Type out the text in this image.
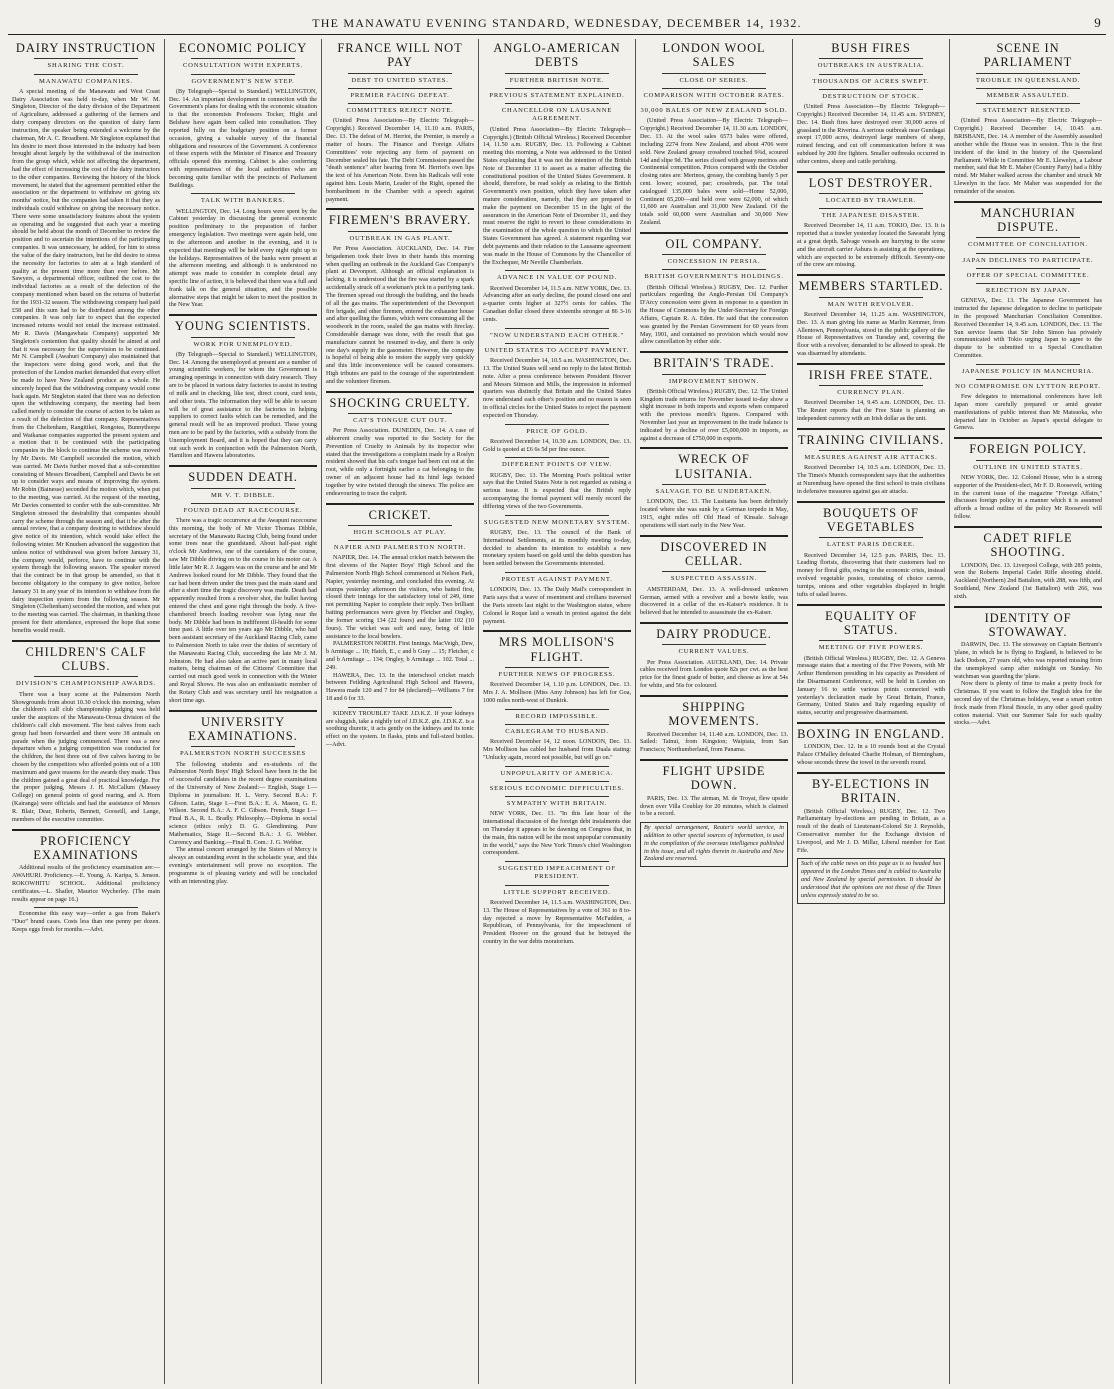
THE MANAWATU EVENING STANDARD, WEDNESDAY, DECEMBER 14, 1932.	9
DAIRY INSTRUCTION
SHARING THE COST.
MANAWATU COMPANIES.

A special meeting of the Manawatu and West Coast Dairy Association was held to-day, when Mr W. M. Singleton, Director of the dairy division of the Department of Agriculture, addressed a gathering of the farmers and dairy company directors on the question of dairy farm instruction, the speaker being extended a welcome by the chairman, Mr A. C. Broadbent. Mr Singleton explained that his desire to meet those interested in the industry had been brought about largely by the withdrawal of the instruction from the group which, while not affecting the department, had the effect of increasing the cost of the dairy instructors to the other companies. Reviewing the history of the block movement, he stated that the agreement permitted either the association or the department to withdraw on giving six months' notice, but the companies had taken it that they as individuals could withdraw on giving the necessary notice. There were some unsatisfactory features about the system as operating and he suggested that each year a meeting should be held about the month of December to review the position and to ascertain the intentions of the participating companies. It was unnecessary, he added, for him to stress the value of the dairy instructors, but he did desire to stress the necessity for factories to aim at a high standard of quality at the present time more than ever before. Mr Sawyers, a departmental officer, outlined the cost to the individual factories as a result of the defection of the company mentioned when based on the returns of butterfat for the 1931-32 season. The withdrawing company had paid £58 and this sum had to be distributed among the other companies. It was only fair to expect that the expected increased returns would not entail the increase estimated. Mr R. Davis (Mangawhata Company) supported Mr Singleton's contention that quality should be aimed at and that it was necessary for the supervision to be continued. Mr N. Campbell (Awahuri Company) also maintained that the inspectors were doing good work, and that the protection of the London market demanded that every effort be made to have New Zealand produce as a whole. He sincerely hoped that the withdrawing company would come back again. Mr Singleton stated that there was no defection upon the withdrawing company, the meeting had been called merely to consider the course of action to be taken as a result of the defection of that company. Representatives from the Cheltenham, Rangitikei, Rongotea, Bunnythorpe and Waikanae companies supported the present system and a motion that it be continued with the participating companies in the block to continue the scheme was moved by Mr Davis. Mr Campbell seconded the motion, which was carried. Mr Davis further moved that a sub-committee consisting of Messrs Broadbent, Campbell and Davis be set up to consider ways and means of improving the system. Mr Robin (Bainesse) seconded the motion which, when put to the meeting, was carried. At the request of the meeting, Mr Davies consented to confer with the sub-committee. Mr Singleton stressed the desirability that companies should carry the scheme through the season and, that it be after the annual review, that a company desiring to withdraw should give notice of its intention, which would take effect the following winter. Mr Knudsen advanced the suggestion that unless notice of withdrawal was given before January 31, the company would, perforce, have to continue with the system through the following season. The speaker moved that the contract be in that group be amended, so that it become obligatory to the company to give notice, before January 31 in any year of its intention to withdraw from the dairy inspection system from the following season. Mr Singleton (Cheltenham) seconded the motion, and when put to the meeting was carried. The chairman, in thanking those present for their attendance, expressed the hope that some benefits would result.

CHILDREN'S CALF CLUBS.
DIVISION'S CHAMPIONSHIP AWARDS.

There was a busy scene at the Palmerston North Showgrounds from about 10.30 o'clock this morning, when the children's calf club championship judging was held under the auspices of the Manawatu-Oroua division of the children's calf club movement. The best calves from each group had been forwarded and there were 38 animals on parade when the judging commenced. There was a new departure when a judging competition was conducted for the children, the best three out of five calves having to be chosen by the competitors who afforded points out of a 100 maximum and gave reasons for the awards they made. Thus the children gained a great deal of practical knowledge. For the proper judging, Messrs J. H. McCallum (Massey College) on general points of good rearing, and A. Horn (Kairanga) were officials and had the assistance of Messrs R. Blair, Dear, Roberts, Bennett, Gooseill, and Lange, members of the executive committee.

PROFICIENCY EXAMINATIONS

Additional results of the proficiency examination are:— AWAHURI. Proficiency.—E. Young, A. Karipa, S. Jenson. ROKOWHITU SCHOOL. Additional proficiency certificates.—L. Shailer, Maurice Wycherley. (The main results appear on page 16.)

Economise this easy way—order a gas from Baker's “Duo” brand cases. Costs less than one penny per dozen. Keeps eggs fresh for months.—Advt.

ECONOMIC POLICY
CONSULTATION WITH EXPERTS.
GOVERNMENT'S NEW STEP.

(By Telegraph—Special to Standard.) WELLINGTON, Dec. 14. An important development in connection with the Government's plans for dealing with the economic situation is that the economists Professors Tocker, Hight and Belshaw have again been called into consultation. They reported fully on the budgetary position on a former occasion, giving a valuable survey of the financial obligations and resources of the Government. A conference of these experts with the Minister of Finance and Treasury officials opened this morning. Cabinet is also conferring with representatives of the local authorities who are becoming quite familiar with the precincts of Parliament Buildings.

TALK WITH BANKERS.

WELLINGTON, Dec. 14. Long hours were spent by the Cabinet yesterday in discussing the general economic position preliminary to the preparation of further emergency legislation. Two meetings were again held, one in the afternoon and another in the evening, and it is expected that meetings will be held every night right up to the holidays. Representatives of the banks were present at the afternoon meeting, and although it is understood no attempt was made to consider in complete detail any specific line of action, it is believed that there was a full and frank talk on the general situation, and the possible alternative steps that might be taken to meet the position in the New Year.

YOUNG SCIENTISTS.
WORK FOR UNEMPLOYED.

(By Telegraph—Special to Standard.) WELLINGTON, Dec. 14. Among the unemployed at present are a number of young scientific workers, for whom the Government is arranging openings in connection with dairy research. They are to be placed in various dairy factories to assist in testing of milk and in checking, like test, direct count, curd tests, and other tests. The information they will be able to secure will be of great assistance to the factories in helping suppliers to correct faults which can be remedied, and the general result will be an improved product. These young men are to be paid by the factories, with a subsidy from the Unemployment Board, and it is hoped that they can carry out such work in conjunction with the Palmerston North, Hamilton and Hawera laboratories.

SUDDEN DEATH.
MR V. T. DIBBLE.
FOUND DEAD AT RACECOURSE.

There was a tragic occurrence at the Awapuni racecourse this morning, the body of Mr Victor Thomas Dibble, secretary of the Manawatu Racing Club, being found under some trees near the grandstand. About half-past eight o'clock Mr Andrews, one of the caretakers of the course, saw Mr Dibble driving on to the course in his motor car. A little later Mr R. J. Jaggers was on the course and he and Mr Andrews looked round for Mr Dibble. They found that the car had been driven under the trees past the main stand and after a short time the tragic discovery was made. Death had apparently resulted from a revolver shot, the bullet having entered the chest and gone right through the body. A five-chambered breech loading revolver was lying near the body. Mr Dibble had been in indifferent ill-health for some time past. A little over ten years ago Mr Dibble, who had been assistant secretary of the Auckland Racing Club, came to Palmerston North to take over the duties of secretary of the Manawatu Racing Club, succeeding the late Mr J. M. Johnston. He had also taken an active part in many local matters, being chairman of the Citizens' Committee that carried out much good work in connection with the Winter and Royal Shows. He was also an enthusiastic member of the Rotary Club and was secretary until his resignation a short time ago.

UNIVERSITY EXAMINATIONS.
PALMERSTON NORTH SUCCESSES

The following students and ex-students of the Palmerston North Boys' High School have been in the list of successful candidates in the recent degree examinations of the University of New Zealand:— English, Stage I.—Diploma in journalism: H. L. Verry. Second B.A.: F. Gibson. Latin, Stage I.—First B.A.: E. A. Mason, G. E. Wilson. Second B.A.: A. F. C. Gibson. French, Stage I.—Final B.A., R. L. Bradly. Philosophy.—Diploma in social science (ethics only): D. G. Glendinning. Pure Mathematics, Stage II.—Second B.A.: J. G. Webber. Currency and Banking.—Final B. Com.: J. G. Webber.

The annual concert arranged by the Sisters of Mercy is always an outstanding event in the scholastic year, and this evening's entertainment will prove no exception. The programme is of pleasing variety and will be concluded with an interesting play.

FRANCE WILL NOT PAY
DEBT TO UNITED STATES.
PREMIER FACING DEFEAT.
COMMITTEES REJECT NOTE.

(United Press Association—By Electric Telegraph—Copyright.) Received December 14, 11.10 a.m. PARIS, Dec. 13. The defeat of M. Herriot, the Premier, is merely a matter of hours. The Finance and Foreign Affairs Committees' vote rejecting any form of payment on December sealed his fate. The Debt Commission passed the "death sentence" after hearing from M. Herriot's own lips the text of his American Note. Even his Radicals will vote against him. Louis Marin, Leader of the Right, opened the bombardment in the Chamber with a speech against payment.

FIREMEN'S BRAVERY.
OUTBREAK IN GAS PLANT.

Per Press Association. AUCKLAND, Dec. 14. Fire brigademen took their lives in their hands this morning when quelling an outbreak in the Auckland Gas Company's plant at Devonport. Although an official explanation is lacking, it is understood that the fire was started by a spark accidentally struck off a workman's pick in a purifying tank. The firemen spread out through the building, and the heads of all the gas mains. The superintendent of the Devonport fire brigade, and other firemen, entered the exhauster house and after quelling the flames, which were consuming all the woodwork in the room, sealed the gas mains with fireclay. Considerable damage was done, with the result that gas manufacture cannot be resumed to-day, and there is only one day's supply in the gasometer. However, the company is hopeful of being able to restore the supply very quickly and this little inconvenience will be caused consumers. High tributes are paid to the courage of the superintendent and the volunteer firemen.

SHOCKING CRUELTY.
CAT'S TONGUE CUT OUT.

Per Press Association. DUNEDIN, Dec. 14. A case of abhorrent cruelty was reported to the Society for the Prevention of Cruelty to Animals by its inspector who stated that the investigations a complaint made by a Roslyn resident showed that his cat's tongue had been cut out at the root, while only a fortnight earlier a cat belonging to the owner of an adjacent house had its hind legs twisted together by wire twisted through the sinews. The police are endeavouring to trace the culprit.

CRICKET.
HIGH SCHOOLS AT PLAY.
NAPIER AND PALMERSTON NORTH.

NAPIER, Dec. 14. The annual cricket match between the first elevens of the Napier Boys' High School and the Palmerston North High School commenced at Nelson Park, Napier, yesterday morning, and concluded this evening. At stumps yesterday afternoon the visitors, who batted first, closed their innings for the satisfactory total of 249, time not permitting Napier to complete their reply. Two brilliant batting performances were given by Fletcher and Ongley, the former scoring 134 (22 fours) and the latter 102 (10 fours). The wicket was soft and easy, being of little assistance to the local bowlers.

PALMERSTON NORTH. First Innings. MacVeigh, Dew, b Armitage ... 10; Hatch, E., c and b Gray ... 15; Fletcher, c and b Armitage ... 134; Ongley, b Armitage ... 102. Total ... 249.

HAWERA, Dec. 13. In the interschool cricket match between Feilding Agricultural High School and Hawera, Hawera made 120 and 7 for 84 (declared)—Williams 7 for 18 and 6 for 33.

KIDNEY TROUBLE? TAKE J.D.K.Z. If your kidneys are sluggish, take a nightly tot of J.D.K.Z. gin. J.D.K.Z. is a soothing diuretic, it acts gently on the kidneys and its tonic effect on the system. In flasks, pints and full-sized bottles.—Advt.

ANGLO-AMERICAN DEBTS
FURTHER BRITISH NOTE.
PREVIOUS STATEMENT EXPLAINED.
CHANCELLOR ON LAUSANNE AGREEMENT.

(United Press Association—By Electric Telegraph—Copyright.) (British Official Wireless.) Received December 14, 11.50 a.m. RUGBY, Dec. 13. Following a Cabinet meeting this morning, a Note was addressed to the United States explaining that it was not the intention of the British Note of December 11 to assert as a matter affecting the constitutional position of the United States Government. It should, therefore, be read solely as relating to the British Government's own position, which they have taken after mature consideration, namely, that they are prepared to make the payment on December 15 in the light of the assurances in the American Note of December 11, and they must reserve the right to revert to those considerations in the examination of the whole question to which the United States Government has agreed. A statement regarding war debt payments and their relation to the Lausanne agreement was made in the House of Commons by the Chancellor of the Exchequer, Mr Neville Chamberlain.

ADVANCE IN VALUE OF POUND.

Received December 14, 11.5 a.m. NEW YORK, Dec. 13. Advancing after an early decline, the pound closed one and a-quarter cents higher at 327½ cents for cables. The Canadian dollar closed three sixteenths stronger at 86 3-16 cents.

"NOW UNDERSTAND EACH OTHER."
UNITED STATES TO ACCEPT PAYMENT.

Received December 14, 10.5 a.m. WASHINGTON, Dec. 13. The United States will send no reply to the latest British note. After a press conference between President Hoover and Messrs Stimson and Mills, the impression in informed quarters was distinctly that Britain and the United States now understand each other's position and no reason is seen in official circles for the United States to reject the payment expected on Thursday.

PRICE OF GOLD.

Received December 14, 10.30 a.m. LONDON, Dec. 13. Gold is quoted at £6 6s 5d per fine ounce.

DIFFERENT POINTS OF VIEW.

RUGBY, Dec. 13. The Morning Post's political writer says that the United States Note is not regarded as raising a serious issue. It is expected that the British reply accompanying the formal payment will merely record the differing views of the two Governments.

SUGGESTED NEW MONETARY SYSTEM.

RUGBY, Dec. 13. The council of the Bank of International Settlements, at its monthly meeting to-day, decided to abandon its intention to establish a new monetary system based on gold until the debts question has been settled between the Governments interested.

PROTEST AGAINST PAYMENT.

LONDON, Dec. 13. The Daily Mail's correspondent in Paris says that a wave of resentment and civilians traversed the Paris streets last night to the Washington statue, where Colonel le Roque laid a wreath in protest against the debt payment.

MRS MOLLISON'S FLIGHT.
FURTHER NEWS OF PROGRESS.

Received December 14, 1.10 p.m. LONDON, Dec. 13. Mrs J. A. Mollison (Miss Amy Johnson) has left for Goa, 1000 miles north-west of Dunkirk.

RECORD IMPOSSIBLE.
CABLEGRAM TO HUSBAND.

Received December 14, 12 noon. LONDON, Dec. 13. Mrs Mollison has cabled her husband from Duala stating: "Unlucky again, record not possible, but will go on."

UNPOPULARITY OF AMERICA.
SERIOUS ECONOMIC DIFFICULTIES.
SYMPATHY WITH BRITAIN.

NEW YORK, Dec. 13. "In this late hour of the international discussion of the foreign debt instalments due on Thursday it appears to be dawning on Congress that, in the main, this nation will be the most unpopular community in the world," says the New York Times's chief Washington correspondent.

SUGGESTED IMPEACHMENT OF PRESIDENT.
LITTLE SUPPORT RECEIVED.

Received December 14, 11.5 a.m. WASHINGTON, Dec. 13. The House of Representatives by a vote of 361 to 8 to-day rejected a move by Representative McFadden, a Republican, of Pennsylvania, for the impeachment of President Hoover on the ground that he betrayed the country in the war debts moratorium.

LONDON WOOL SALES
CLOSE OF SERIES.
COMPARISON WITH OCTOBER RATES.
30,000 BALES OF NEW ZEALAND SOLD.

(United Press Association—By Electric Telegraph—Copyright.) Received December 14, 11.30 a.m. LONDON, Dec. 13. At the wool sales 6573 bales were offered, including 2274 from New Zealand, and about 4706 were sold. New Zealand greasy crossbred touched 9¾d, scoured 14d and slipe 9d. The series closed with greasy merinos and Continental competition. Prices compared with the October closing rates are: Merinos, greasy, the combing barely 5 per cent. lower; scoured, par; crossbreds, par. The total catalogued 135,000 bales were sold—Home 52,000, Continent 65,200—and held over were 62,000, of which 11,600 are Australian and 31,000 New Zealand. Of the totals sold 60,000 were Australian and 30,000 New Zealand.

OIL COMPANY.
CONCESSION IN PERSIA.
BRITISH GOVERNMENT'S HOLDINGS.

(British Official Wireless.) RUGBY, Dec. 12. Further particulars regarding the Anglo-Persian Oil Company's D'Arcy concession were given in response to a question in the House of Commons by the Under-Secretary for Foreign Affairs, Captain R. A. Eden. He said that the concession was granted by the Persian Government for 60 years from May, 1901, and contained no provision which would now allow cancellation by either side.

BRITAIN'S TRADE.
IMPROVEMENT SHOWN.

(British Official Wireless.) RUGBY, Dec. 12. The United Kingdom trade returns for November issued to-day show a slight increase in both imports and exports when compared with the previous month's figures. Compared with November last year an improvement in the trade balance is indicated by a decline of over £5,000,000 in imports, as against a decrease of £750,000 in exports.

WRECK OF LUSITANIA.
SALVAGE TO BE UNDERTAKEN.

LONDON, Dec. 13. The Lusitania has been definitely located where she was sunk by a German torpedo in May, 1915, eight miles off Old Head of Kinsale. Salvage operations will start early in the New Year.

DISCOVERED IN CELLAR.
SUSPECTED ASSASSIN.

AMSTERDAM, Dec. 13. A well-dressed unknown German, armed with a revolver and a bowie knife, was discovered in a cellar of the ex-Kaiser's residence. It is believed that he intended to assassinate the ex-Kaiser.

DAIRY PRODUCE.
CURRENT VALUES.

Per Press Association. AUCKLAND, Dec. 14. Private cables received from London quote 82s per cwt. as the best price for the finest grade of butter, and cheese as low at 54s for white, and 56s for coloured.

SHIPPING MOVEMENTS.

Received December 14, 11.40 a.m. LONDON, Dec. 13. Sailed: Tainui, from Kingston; Waipiata, from San Francisco; Northumberland, from Panama.

FLIGHT UPSIDE DOWN.

PARIS, Dec. 13. The airman, M. de Troyat, flew upside down over Villa Coublay for 20 minutes, which is claimed to be a record.

By special arrangement, Reuter's world service, in addition to other special sources of information, is used in the compilation of the overseas intelligence published in this issue, and all rights therein in Australia and New Zealand are reserved.

BUSH FIRES
OUTBREAKS IN AUSTRALIA.
THOUSANDS OF ACRES SWEPT.
DESTRUCTION OF STOCK.

(United Press Association—By Electric Telegraph—Copyright.) Received December 14, 11.45 a.m. SYDNEY, Dec. 14. Bush fires have destroyed over 30,000 acres of grassland in the Riverina. A serious outbreak near Gundagai swept 17,000 acres, destroyed large numbers of sheep, ruined fencing, and cut off communication before it was subdued by 200 fire fighters. Smaller outbreaks occurred in other centres, sheep and cattle perishing.

LOST DESTROYER.
LOCATED BY TRAWLER.
THE JAPANESE DISASTER.

Received December 14, 11 a.m. TOKIO, Dec. 13. It is reported that a trawler yesterday located the Sawarabi lying at a great depth. Salvage vessels are hurrying to the scene and the aircraft carrier Ashura is assisting at the operations, which are expected to be extremely difficult. Seventy-one of the crew are missing.

MEMBERS STARTLED.
MAN WITH REVOLVER.

Received December 14, 11.25 a.m. WASHINGTON, Dec. 13. A man giving his name as Marlin Kemmer, from Allentown, Pennsylvania, stood in the public gallery of the House of Representatives on Tuesday and, covering the floor with a revolver, demanded to be allowed to speak. He was disarmed by attendants.

IRISH FREE STATE.
CURRENCY PLAN.

Received December 14, 9.45 a.m. LONDON, Dec. 13. The Reuter reports that the Free State is planning an independent currency with an Irish dollar as the unit.

TRAINING CIVILIANS.
MEASURES AGAINST AIR ATTACKS.

Received December 14, 10.5 a.m. LONDON, Dec. 13. The Times's Munich correspondent says that the authorities at Nuremburg have opened the first school to train civilians in defensive measures against gas air attacks.

BOUQUETS OF VEGETABLES
LATEST PARIS DECREE.

Received December 14, 12.5 p.m. PARIS, Dec. 13. Leading florists, discovering that their customers had no money for floral gifts, owing to the economic crisis, instead evolved vegetable posies, consisting of choice carrots, turnips, onions and other vegetables displayed in bright tufts of salad leaves.

EQUALITY OF STATUS.
MEETING OF FIVE POWERS.

(British Official Wireless.) RUGBY, Dec. 12. A Geneva message states that a meeting of the Five Powers, with Mr Arthur Henderson presiding in his capacity as President of the Disarmament Conference, will be held in London on January 16 to settle various points connected with yesterday's declaration made by Great Britain, France, Germany, United States and Italy regarding equality of status, security and progressive disarmament.

BOXING IN ENGLAND.

LONDON, Dec. 12. In a 10 rounds bout at the Crystal Palace O'Malley defeated Charlie Holman, of Birmingham, whose seconds threw the towel in the seventh round.

BY-ELECTIONS IN BRITAIN.

(British Official Wireless.) RUGBY, Dec. 12. Two Parliamentary by-elections are pending in Britain, as a result of the death of Lieutenant-Colonel Sir J. Reynolds, Conservative member for the Exchange division of Liverpool, and Mr J. D. Millar, Liberal member for East Fife.

Such of the cable news on this page as is so headed has appeared in the London Times and is cabled to Australia and New Zealand by special permission. It should be understood that the opinions are not those of the Times unless expressly stated to be so.

SCENE IN PARLIAMENT
TROUBLE IN QUEENSLAND.
MEMBER ASSAULTED.
STATEMENT RESENTED.

(United Press Association—By Electric Telegraph—Copyright.) Received December 14, 10.45 a.m. BRISBANE, Dec. 14. A member of the Assembly assaulted another while the House was in session. This is the first incident of the kind in the history of the Queensland Parliament. While in Committee Mr E. Llewelyn, a Labour member, said that Mr E. Maher (Country Party) had a filthy mind. Mr Maher walked across the chamber and struck Mr Llewelyn in the face. Mr Maher was suspended for the remainder of the session.

MANCHURIAN DISPUTE.
COMMITTEE OF CONCILIATION.
JAPAN DECLINES TO PARTICIPATE.
OFFER OF SPECIAL COMMITTEE.
REJECTION BY JAPAN.

GENEVA, Dec. 13. The Japanese Government has instructed the Japanese delegation to decline to participate in the proposed Manchurian Conciliation Committee. Received December 14, 9.45 a.m. LONDON, Dec. 13. The Sun service learns that Sir John Simon has privately communicated with Tokio urging Japan to agree to the dispute to be submitted to a Special Conciliation Committee.

JAPANESE POLICY IN MANCHURIA.
NO COMPROMISE ON LYTTON REPORT.

Few delegates to international conferences have left Japan more carefully prepared or amid greater manifestations of public interest than Mr Matsuoka, who departed late in October as Japan's special delegate to Geneva.

FOREIGN POLICY.
OUTLINE IN UNITED STATES.

NEW YORK, Dec. 12. Colonel House, who is a strong supporter of the President-elect, Mr F. D. Roosevelt, writing in the current issue of the magazine "Foreign Affairs," discusses foreign policy in a manner which it is assumed affords a broad outline of the policy Mr Roosevelt will follow.

CADET RIFLE SHOOTING.

LONDON, Dec. 13. Liverpool College, with 285 points, won the Roberts Imperial Cadet Rifle shooting shield. Auckland (Northern) 2nd Battalion, with 288, was fifth, and Southland, New Zealand (1st Battalion) with 266, was sixth.

IDENTITY OF STOWAWAY.

DARWIN, Dec. 13. The stowaway on Captain Bertram's 'plane, in which he is flying to England, is believed to be Jack Dodson, 27 years old, who was reported missing from the unemployed camp after midnight on Sunday. No watchman was guarding the 'plane.

Now there is plenty of time to make a pretty frock for Christmas. If you want to follow the English idea for the second day of the Christmas holidays, wear a smart cotton frock made from Floral Boucle, in any other good quality cotton material. Visit our Summer Sale for such quality stocks.—Advt.
